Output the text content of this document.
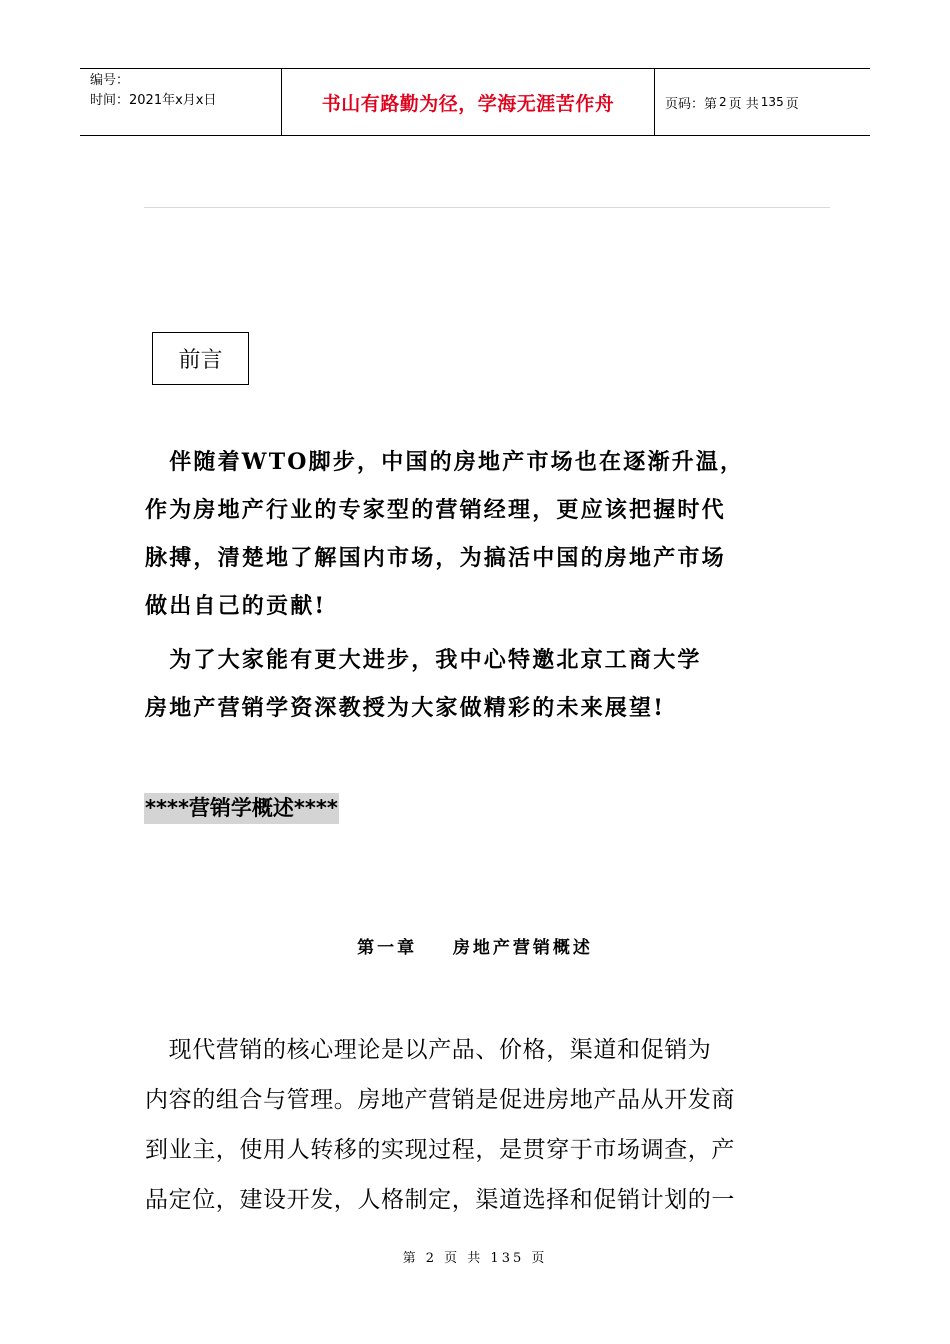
编号：
时间：2021年x月x日	书山有路勤为径，学海无涯苦作舟	页码：第 2 页 共 135 页
前言
　伴随着WTO脚步，中国的房地产市场也在逐渐升温，
作为房地产行业的专家型的营销经理，更应该把握时代
脉搏，清楚地了解国内市场，为搞活中国的房地产市场
做出自己的贡献!
　为了大家能有更大进步，我中心特邀北京工商大学
房地产营销学资深教授为大家做精彩的未来展望!
****营销学概述****
第一章    房地产营销概述
　现代营销的核心理论是以产品、价格，渠道和促销为
内容的组合与管理。房地产营销是促进房地产品从开发商
到业主，使用人转移的实现过程，是贯穿于市场调查，产
品定位，建设开发，人格制定，渠道选择和促销计划的一
第 2 页 共 135 页
